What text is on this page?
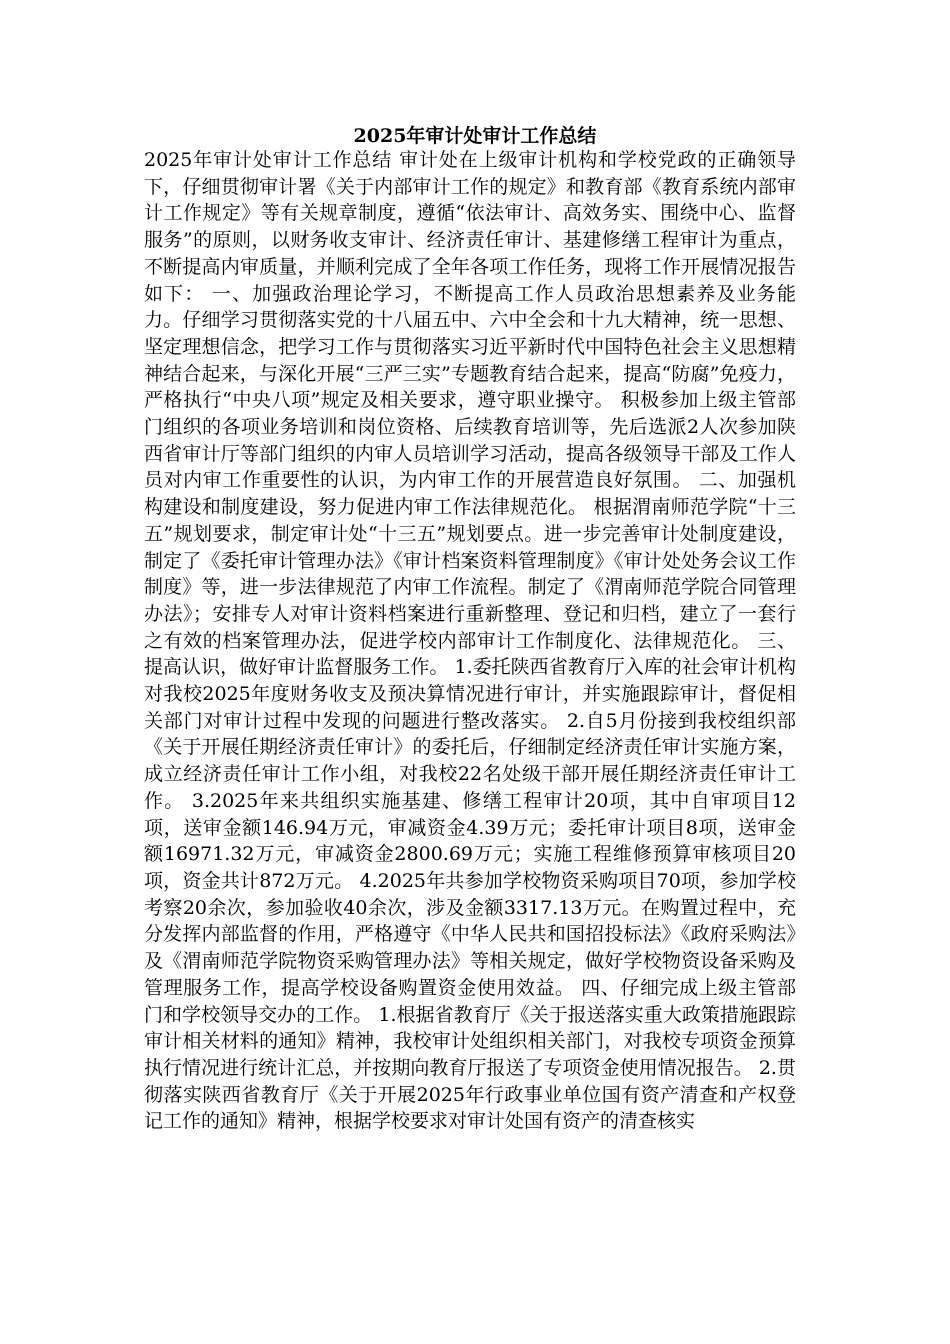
2025年审计处审计工作总结

2025年审计处审计工作总结 审计处在上级审计机构和学校党政的正确领导下，仔细贯彻审计署《关于内部审计工作的规定》和教育部《教育系统内部审计工作规定》等有关规章制度，遵循“依法审计、高效务实、围绕中心、监督服务”的原则，以财务收支审计、经济责任审计、基建修缮工程审计为重点，不断提高内审质量，并顺利完成了全年各项工作任务，现将工作开展情况报告如下： 一、加强政治理论学习，不断提高工作人员政治思想素养及业务能力。仔细学习贯彻落实党的十八届五中、六中全会和十九大精神，统一思想、坚定理想信念，把学习工作与贯彻落实习近平新时代中国特色社会主义思想精神结合起来，与深化开展“三严三实”专题教育结合起来，提高“防腐”免疫力，严格执行“中央八项”规定及相关要求，遵守职业操守。 积极参加上级主管部门组织的各项业务培训和岗位资格、后续教育培训等，先后选派2人次参加陕西省审计厅等部门组织的内审人员培训学习活动，提高各级领导干部及工作人员对内审工作重要性的认识，为内审工作的开展营造良好氛围。 二、加强机构建设和制度建设，努力促进内审工作法律规范化。 根据渭南师范学院“十三五”规划要求，制定审计处“十三五”规划要点。进一步完善审计处制度建设，制定了《委托审计管理办法》《审计档案资料管理制度》《审计处处务会议工作制度》等，进一步法律规范了内审工作流程。制定了《渭南师范学院合同管理办法》；安排专人对审计资料档案进行重新整理、登记和归档，建立了一套行之有效的档案管理办法，促进学校内部审计工作制度化、法律规范化。 三、提高认识，做好审计监督服务工作。 1.委托陕西省教育厅入库的社会审计机构对我校2025年度财务收支及预决算情况进行审计，并实施跟踪审计，督促相关部门对审计过程中发现的问题进行整改落实。 2.自5月份接到我校组织部《关于开展任期经济责任审计》的委托后，仔细制定经济责任审计实施方案，成立经济责任审计工作小组，对我校22名处级干部开展任期经济责任审计工作。 3.2025年来共组织实施基建、修缮工程审计20项，其中自审项目12项，送审金额146.94万元，审减资金4.39万元；委托审计项目8项，送审金额16971.32万元，审减资金2800.69万元；实施工程维修预算审核项目20项，资金共计872万元。 4.2025年共参加学校物资采购项目70项，参加学校考察20余次，参加验收40余次，涉及金额3317.13万元。在购置过程中，充分发挥内部监督的作用，严格遵守《中华人民共和国招投标法》《政府采购法》及《渭南师范学院物资采购管理办法》等相关规定，做好学校物资设备采购及管理服务工作，提高学校设备购置资金使用效益。 四、仔细完成上级主管部门和学校领导交办的工作。 1.根据省教育厅《关于报送落实重大政策措施跟踪审计相关材料的通知》精神，我校审计处组织相关部门，对我校专项资金预算执行情况进行统计汇总，并按期向教育厅报送了专项资金使用情况报告。 2.贯彻落实陕西省教育厅《关于开展2025年行政事业单位国有资产清查和产权登记工作的通知》精神，根据学校要求对审计处国有资产的清查核实
